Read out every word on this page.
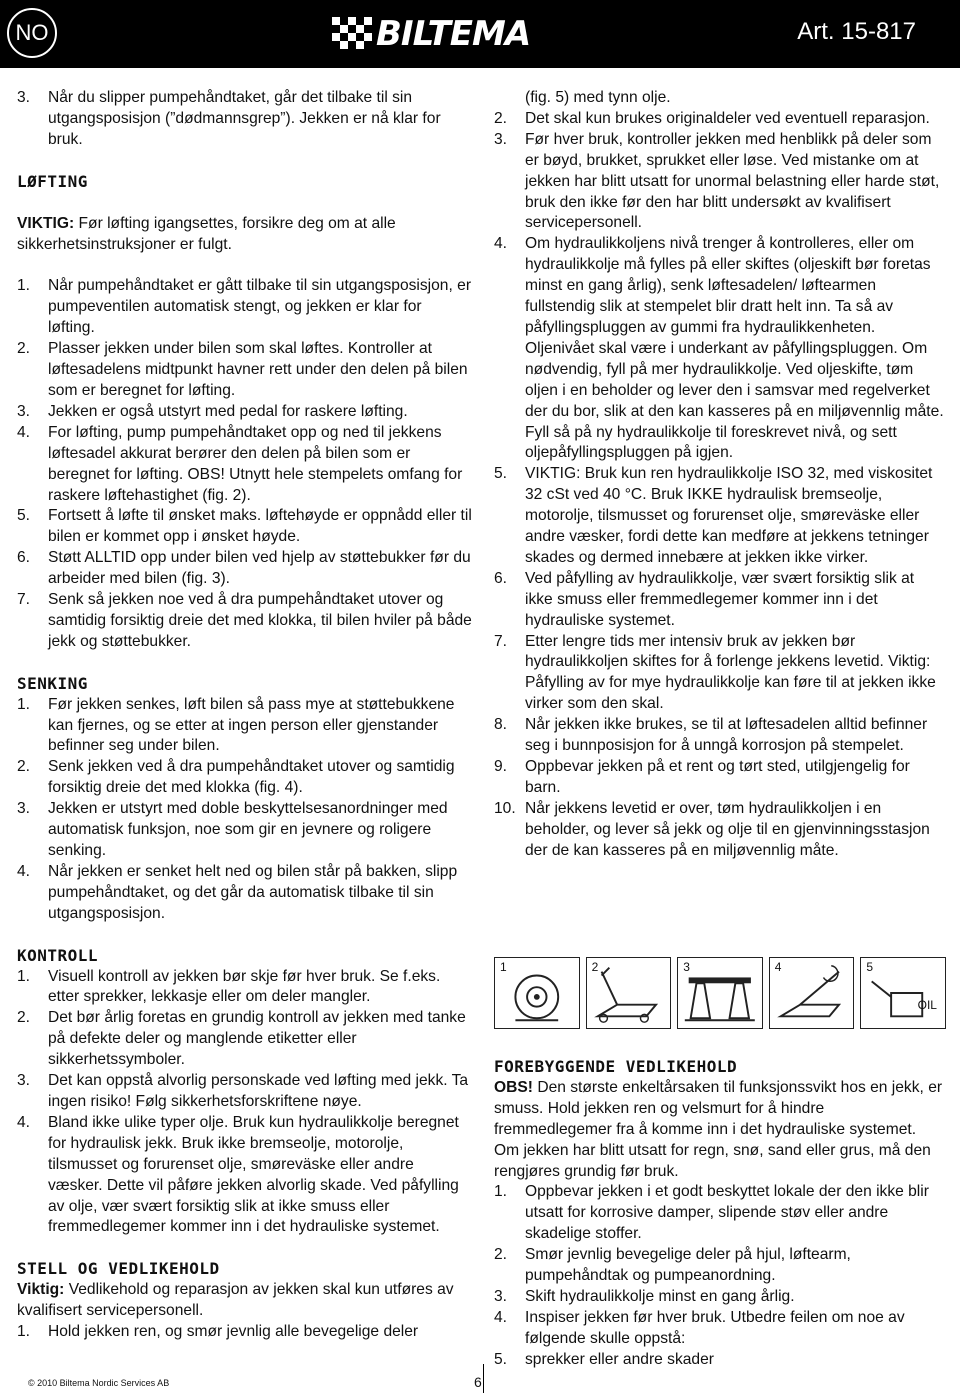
NO	BILTEMA	Art. 15-817
3.	Når du slipper pumpehåndtaket, går det tilbake til sin utgangsposisjon (”dødmannsgrep”). Jekken er nå klar for bruk.

LØFTING

VIKTIG: Før løfting igangsettes, forsikre deg om at alle sikkerhetsinstruksjoner er fulgt.

1.	Når pumpehåndtaket er gått tilbake til sin utgangsposisjon, er pumpeventilen automatisk stengt, og jekken er klar for løfting.
2.	Plasser jekken under bilen som skal løftes. Kontroller at løftesadelens midtpunkt havner rett under den delen på bilen som er beregnet for løfting.
3.	Jekken er også utstyrt med pedal for raskere løfting.
4.	For løfting, pump pumpehåndtaket opp og ned til jekkens løftesadel akkurat berører den delen på bilen som er beregnet for løfting. OBS! Utnytt hele stempelets omfang for raskere løftehastighet (fig. 2).
5.	Fortsett å løfte til ønsket maks. løftehøyde er oppnådd eller til bilen er kommet opp i ønsket høyde.
6.	Støtt ALLTID opp under bilen ved hjelp av støttebukker før du arbeider med bilen (fig. 3).
7.	Senk så jekken noe ved å dra pumpehåndtaket utover og samtidig forsiktig dreie det med klokka, til bilen hviler på både jekk og støttebukker.

SENKING

1.	Før jekken senkes, løft bilen så pass mye at støttebukkene kan fjernes, og se etter at ingen person eller gjenstander befinner seg under bilen.
2.	Senk jekken ved å dra pumpehåndtaket utover og samtidig forsiktig dreie det med klokka (fig. 4).
3.	Jekken er utstyrt med doble beskyttelsesanordninger med automatisk funksjon, noe som gir en jevnere og roligere senking.
4.	Når jekken er senket helt ned og bilen står på bakken, slipp pumpehåndtaket, og det går da automatisk tilbake til sin utgangsposisjon.

KONTROLL

1.	Visuell kontroll av jekken bør skje før hver bruk. Se f.eks. etter sprekker, lekkasje eller om deler mangler.
2.	Det bør årlig foretas en grundig kontroll av jekken med tanke på defekte deler og manglende etiketter eller sikkerhetssymboler.
3.	Det kan oppstå alvorlig personskade ved løfting med jekk. Ta ingen risiko! Følg sikkerhetsforskriftene nøye.
4.	Bland ikke ulike typer olje. Bruk kun hydraulikkolje beregnet for hydraulisk jekk. Bruk ikke bremseolje, motorolje, tilsmusset og forurenset olje, smøreväske eller andre væsker. Dette vil påføre jekken alvorlig skade. Ved påfylling av olje, vær svært forsiktig slik at ikke smuss eller fremmedlegemer kommer inn i det hydrauliske systemet.

STELL OG VEDLIKEHOLD

Viktig: Vedlikehold og reparasjon av jekken skal kun utføres av kvalifisert servicepersonell.

1.	Hold jekken ren, og smør jevnlig alle bevegelige deler
(fig. 5) med tynn olje.
2.	Det skal kun brukes originaldeler ved eventuell reparasjon.
3.	Før hver bruk, kontroller jekken med henblikk på deler som er bøyd, brukket, sprukket eller løse. Ved mistanke om at jekken har blitt utsatt for unormal belastning eller harde støt, bruk den ikke før den har blitt undersøkt av kvalifisert servicepersonell.
4.	Om hydraulikkoljens nivå trenger å kontrolleres, eller om hydraulikkolje må fylles på eller skiftes (oljeskift bør foretas minst en gang årlig), senk løftesadelen/ løftearmen fullstendig slik at stempelet blir dratt helt inn. Ta så av påfyllingspluggen av gummi fra hydraulikkenheten. Oljenivået skal være i underkant av påfyllingspluggen. Om nødvendig, fyll på mer hydraulikkolje. Ved oljeskifte, tøm oljen i en beholder og lever den i samsvar med regelverket der du bor, slik at den kan kasseres på en miljøvennlig måte. Fyll så på ny hydraulikkolje til foreskrevet nivå, og sett oljepåfyllingspluggen på igjen.
5.	VIKTIG: Bruk kun ren hydraulikkolje ISO 32, med viskositet 32 cSt ved 40 °C. Bruk IKKE hydraulisk bremseolje, motorolje, tilsmusset og forurenset olje, smøreväske eller andre væsker, fordi dette kan medføre at jekkens tetninger skades og dermed innebære at jekken ikke virker.
6.	Ved påfylling av hydraulikkolje, vær svært forsiktig slik at ikke smuss eller fremmedlegemer kommer inn i det hydrauliske systemet.
7.	Etter lengre tids mer intensiv bruk av jekken bør hydraulikkoljen skiftes for å forlenge jekkens levetid. Viktig: Påfylling av for mye hydraulikkolje kan føre til at jekken ikke virker som den skal.
8.	Når jekken ikke brukes, se til at løftesadelen alltid befinner seg i bunnposisjon for å unngå korrosjon på stempelet.
9.	Oppbevar jekken på et rent og tørt sted, utilgjengelig for barn.
10. Når jekkens levetid er over, tøm hydraulikkoljen i en beholder, og lever så jekk og olje til en gjenvinningsstasjon der de kan kasseres på en miljøvennlig måte.
1	2	3	4	5
OIL

FOREBYGGENDE VEDLIKEHOLD

OBS! Den største enkeltårsaken til funksjonssvikt hos en jekk, er smuss. Hold jekken ren og velsmurt for å hindre fremmedlegemer fra å komme inn i det hydrauliske systemet. Om jekken har blitt utsatt for regn, snø, sand eller grus, må den rengjøres grundig før bruk.

1.	Oppbevar jekken i et godt beskyttet lokale der den ikke blir utsatt for korrosive damper, slipende støv eller andre skadelige stoffer.
2.	Smør jevnlig bevegelige deler på hjul, løftearm, pumpehåndtak og pumpeanordning.
3.	Skift hydraulikkolje minst en gang årlig.
4.	Inspiser jekken før hver bruk. Utbedre feilen om noe av følgende skulle oppstå:
5.	sprekker eller andre skader
© 2010 Biltema Nordic Services AB	6
